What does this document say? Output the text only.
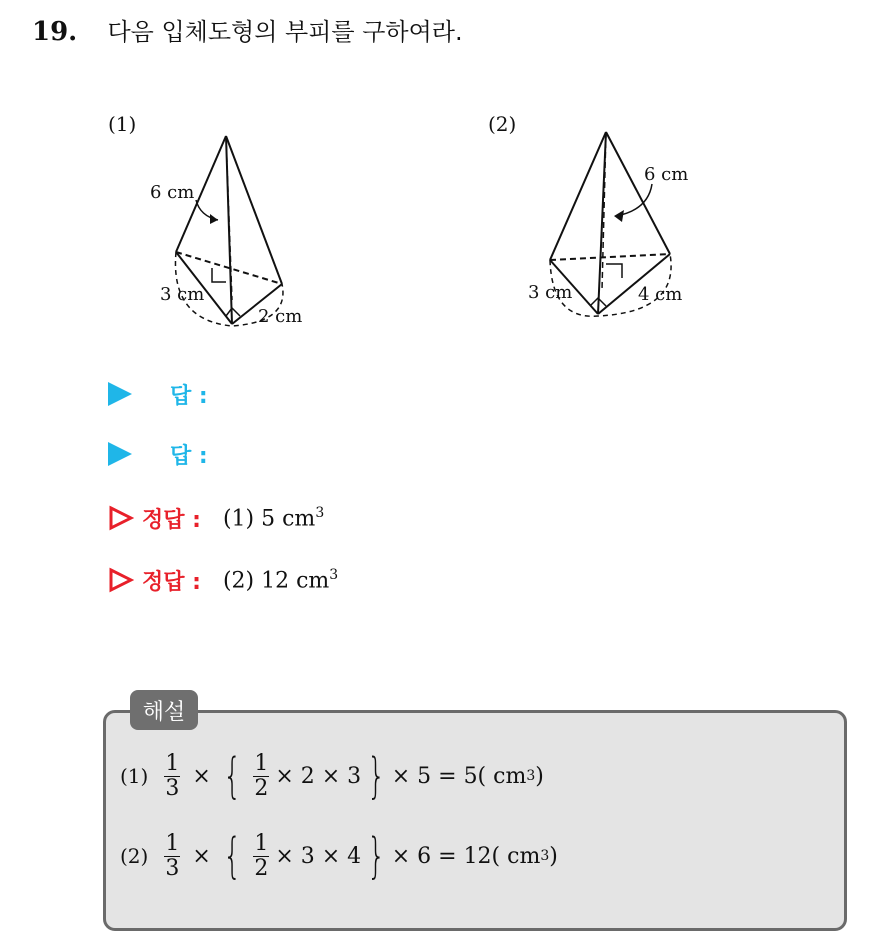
19. 다음 입체도형의 부피를 구하여라.
(1)
6 cm
3 cm
2 cm
(2)
6 cm
3 cm	4 cm
답 :
답 :
정답 : (1) 5 $cm^3$
정답 : (2) 12 $cm^3$
해설
$(1) \frac{1}{3}$ × { $\frac{1}{2} \times 2 \times 3$ } × 5 = 5( cm 3 )
$(2) \frac{1}{3}$ × { $\frac{1}{2} \times 3 \times 4$ } × 6 = 12( cm 3 )
